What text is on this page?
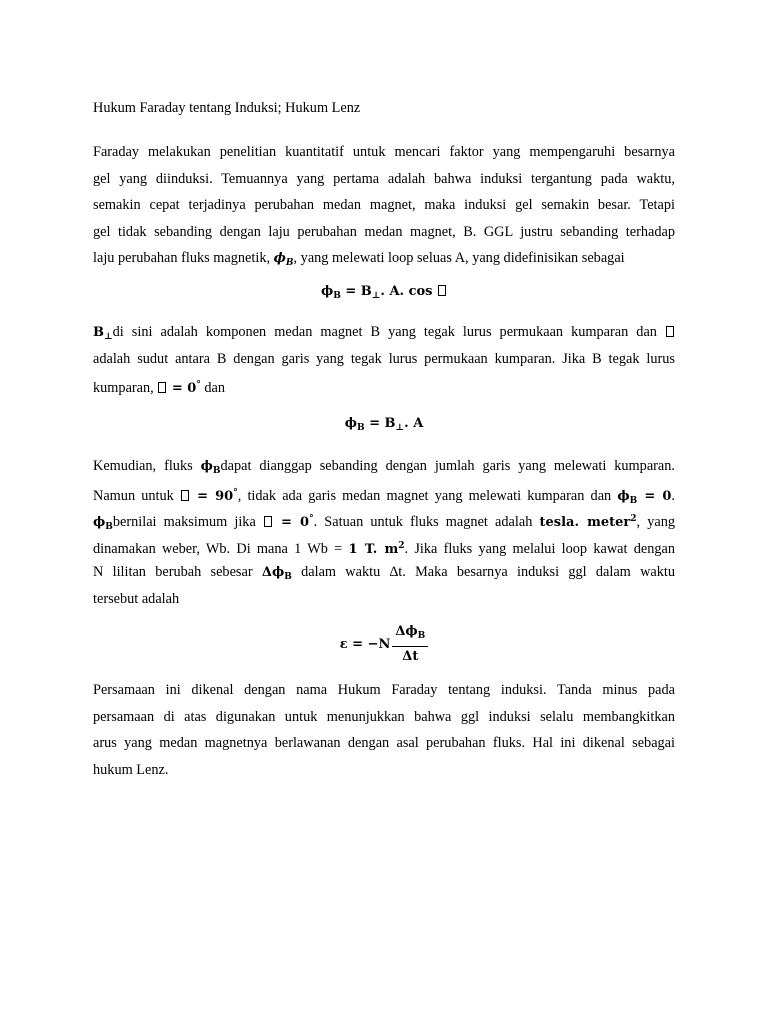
Hukum Faraday tentang Induksi; Hukum Lenz
Faraday melakukan penelitian kuantitatif untuk mencari faktor yang mempengaruhi besarnya
gel yang diinduksi. Temuannya yang pertama adalah bahwa induksi tergantung pada waktu,
semakin cepat terjadinya perubahan medan magnet, maka induksi gel semakin besar. Tetapi
gel tidak sebanding dengan laju perubahan medan magnet, B. GGL justru sebanding terhadap
laju perubahan fluks magnetik, $\phi_B$, yang melewati loop seluas A, yang didefinisikan sebagai
$\phi_B = B_\perp$. A. cos
$B_\perp di$ sini adalah komponen medan magnet B yang tegak lurus permukaan kumparan dan
adalah sudut antara B dengan garis yang tegak lurus permukaan kumparan. Jika B tegak lurus
kumparan,  = 0° dan
$\phi_B = B_\perp$. A
Kemudian, fluks $\phi_Bdapat$ dianggap sebanding dengan jumlah garis yang melewati kumparan.
Namun untuk  = 90°, tidak ada garis medan magnet yang melewati kumparan dan $\phi_B = 0$.
$\phi_Bbernilai$ maksimum jika  = 0°. Satuan untuk fluks magnet adalah tesla. meter$^2$, yang
dinamakan weber, Wb. Di mana 1 Wb = 1 T. $m^2$. Jika fluks yang melalui loop kawat dengan
N lilitan berubah sebesar $\Delta\phi_B$ dalam waktu ∆t. Maka besarnya induksi ggl dalam waktu
tersebut adalah
$\varepsilon = -N \frac{\Delta\phi_B}{\Delta t}$
Persamaan ini dikenal dengan nama Hukum Faraday tentang induksi. Tanda minus pada
persamaan di atas digunakan untuk menunjukkan bahwa ggl induksi selalu membangkitkan
arus yang medan magnetnya berlawanan dengan asal perubahan fluks. Hal ini dikenal sebagai
hukum Lenz.
